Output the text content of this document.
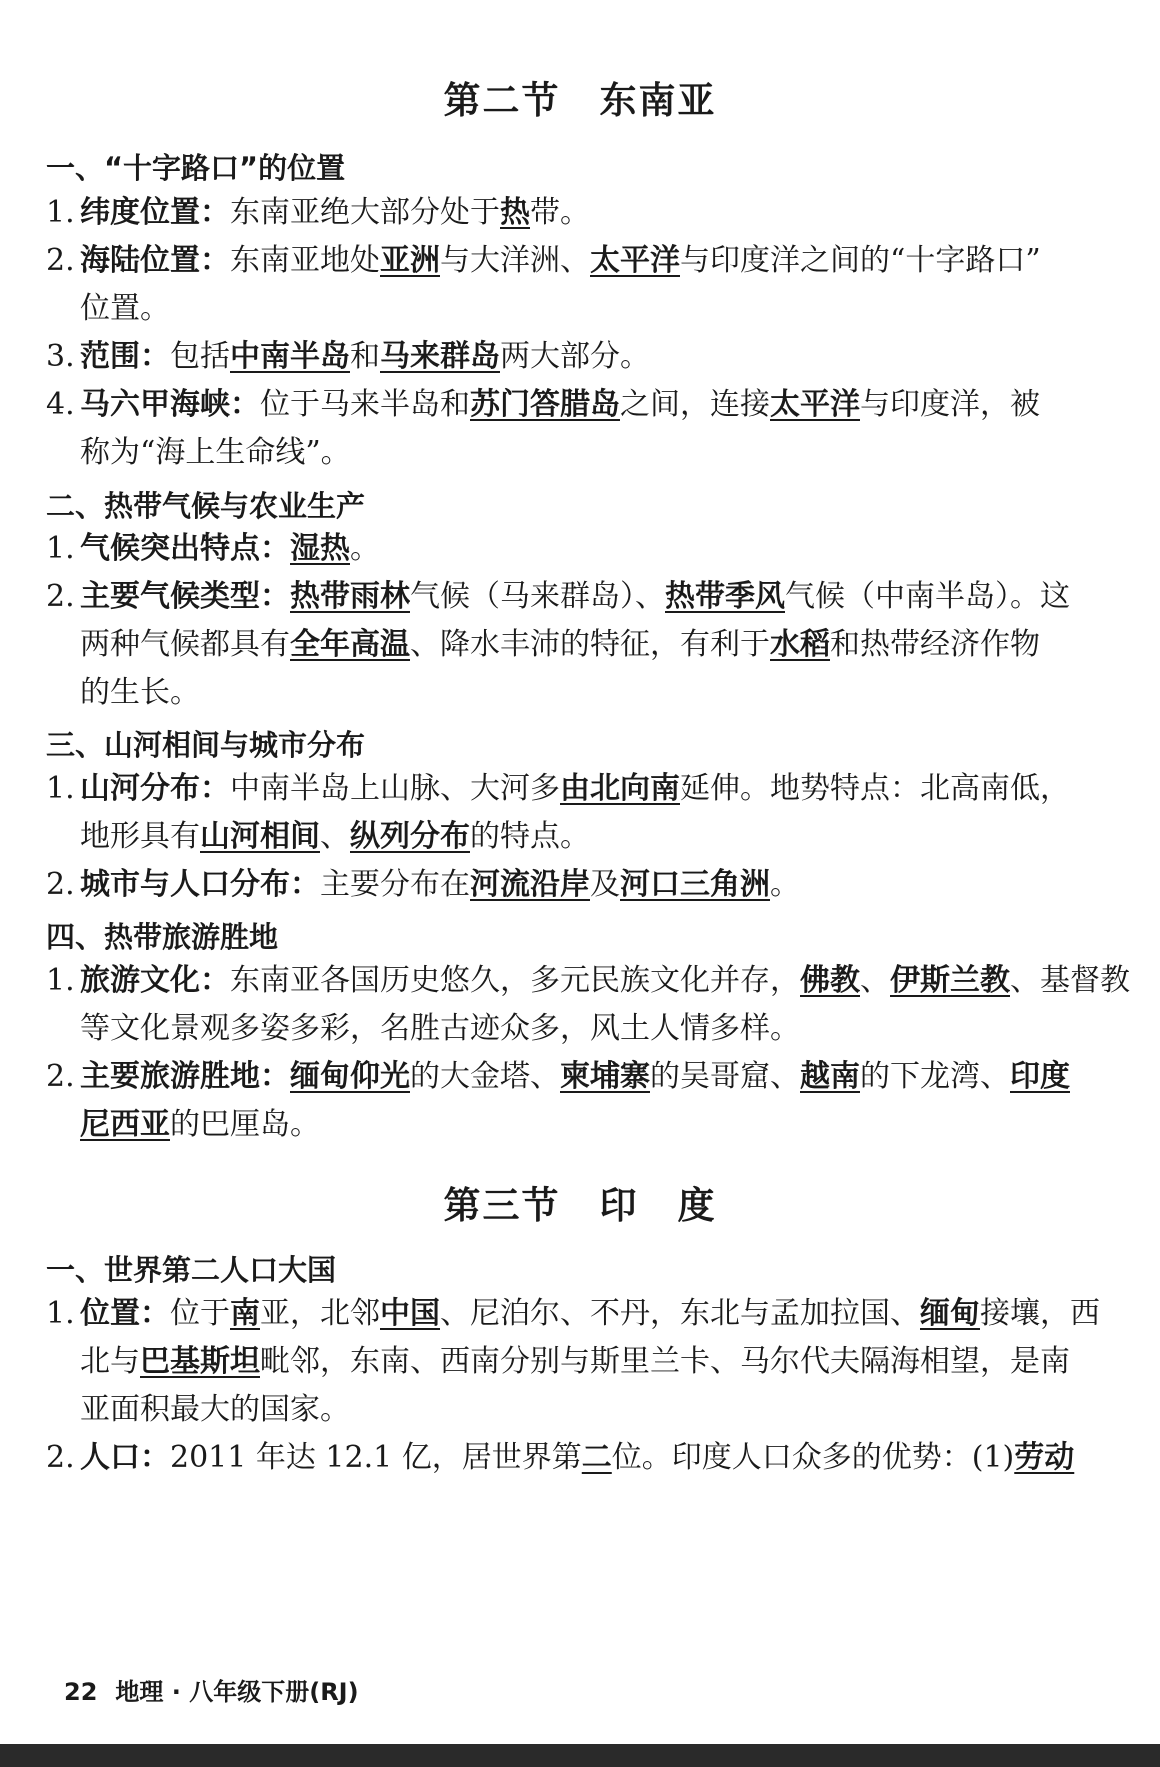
第二节　东南亚
一、“十字路口”的位置
1. 纬度位置：东南亚绝大部分处于热带。
2. 海陆位置：东南亚地处亚洲与大洋洲、太平洋与印度洋之间的“十字路口”
位置。
3. 范围：包括中南半岛和马来群岛两大部分。
4. 马六甲海峡：位于马来半岛和苏门答腊岛之间，连接太平洋与印度洋，被
称为“海上生命线”。
二、热带气候与农业生产
1. 气候突出特点：湿热。
2. 主要气候类型：热带雨林气候（马来群岛）、热带季风气候（中南半岛）。这
两种气候都具有全年高温、降水丰沛的特征，有利于水稻和热带经济作物
的生长。
三、山河相间与城市分布
1. 山河分布：中南半岛上山脉、大河多由北向南延伸。地势特点：北高南低，
地形具有山河相间、纵列分布的特点。
2. 城市与人口分布：主要分布在河流沿岸及河口三角洲。
四、热带旅游胜地
1. 旅游文化：东南亚各国历史悠久，多元民族文化并存，佛教、伊斯兰教、基督教
等文化景观多姿多彩，名胜古迹众多，风土人情多样。
2. 主要旅游胜地：缅甸仰光的大金塔、柬埔寨的吴哥窟、越南的下龙湾、印度
尼西亚的巴厘岛。
第三节　印　度
一、世界第二人口大国
1. 位置：位于南亚，北邻中国、尼泊尔、不丹，东北与孟加拉国、缅甸接壤，西
北与巴基斯坦毗邻，东南、西南分别与斯里兰卡、马尔代夫隔海相望，是南
亚面积最大的国家。
2. 人口：2011 年达 12.1 亿，居世界第二位。印度人口众多的优势：(1)劳动
22 地理 · 八年级下册(RJ)
